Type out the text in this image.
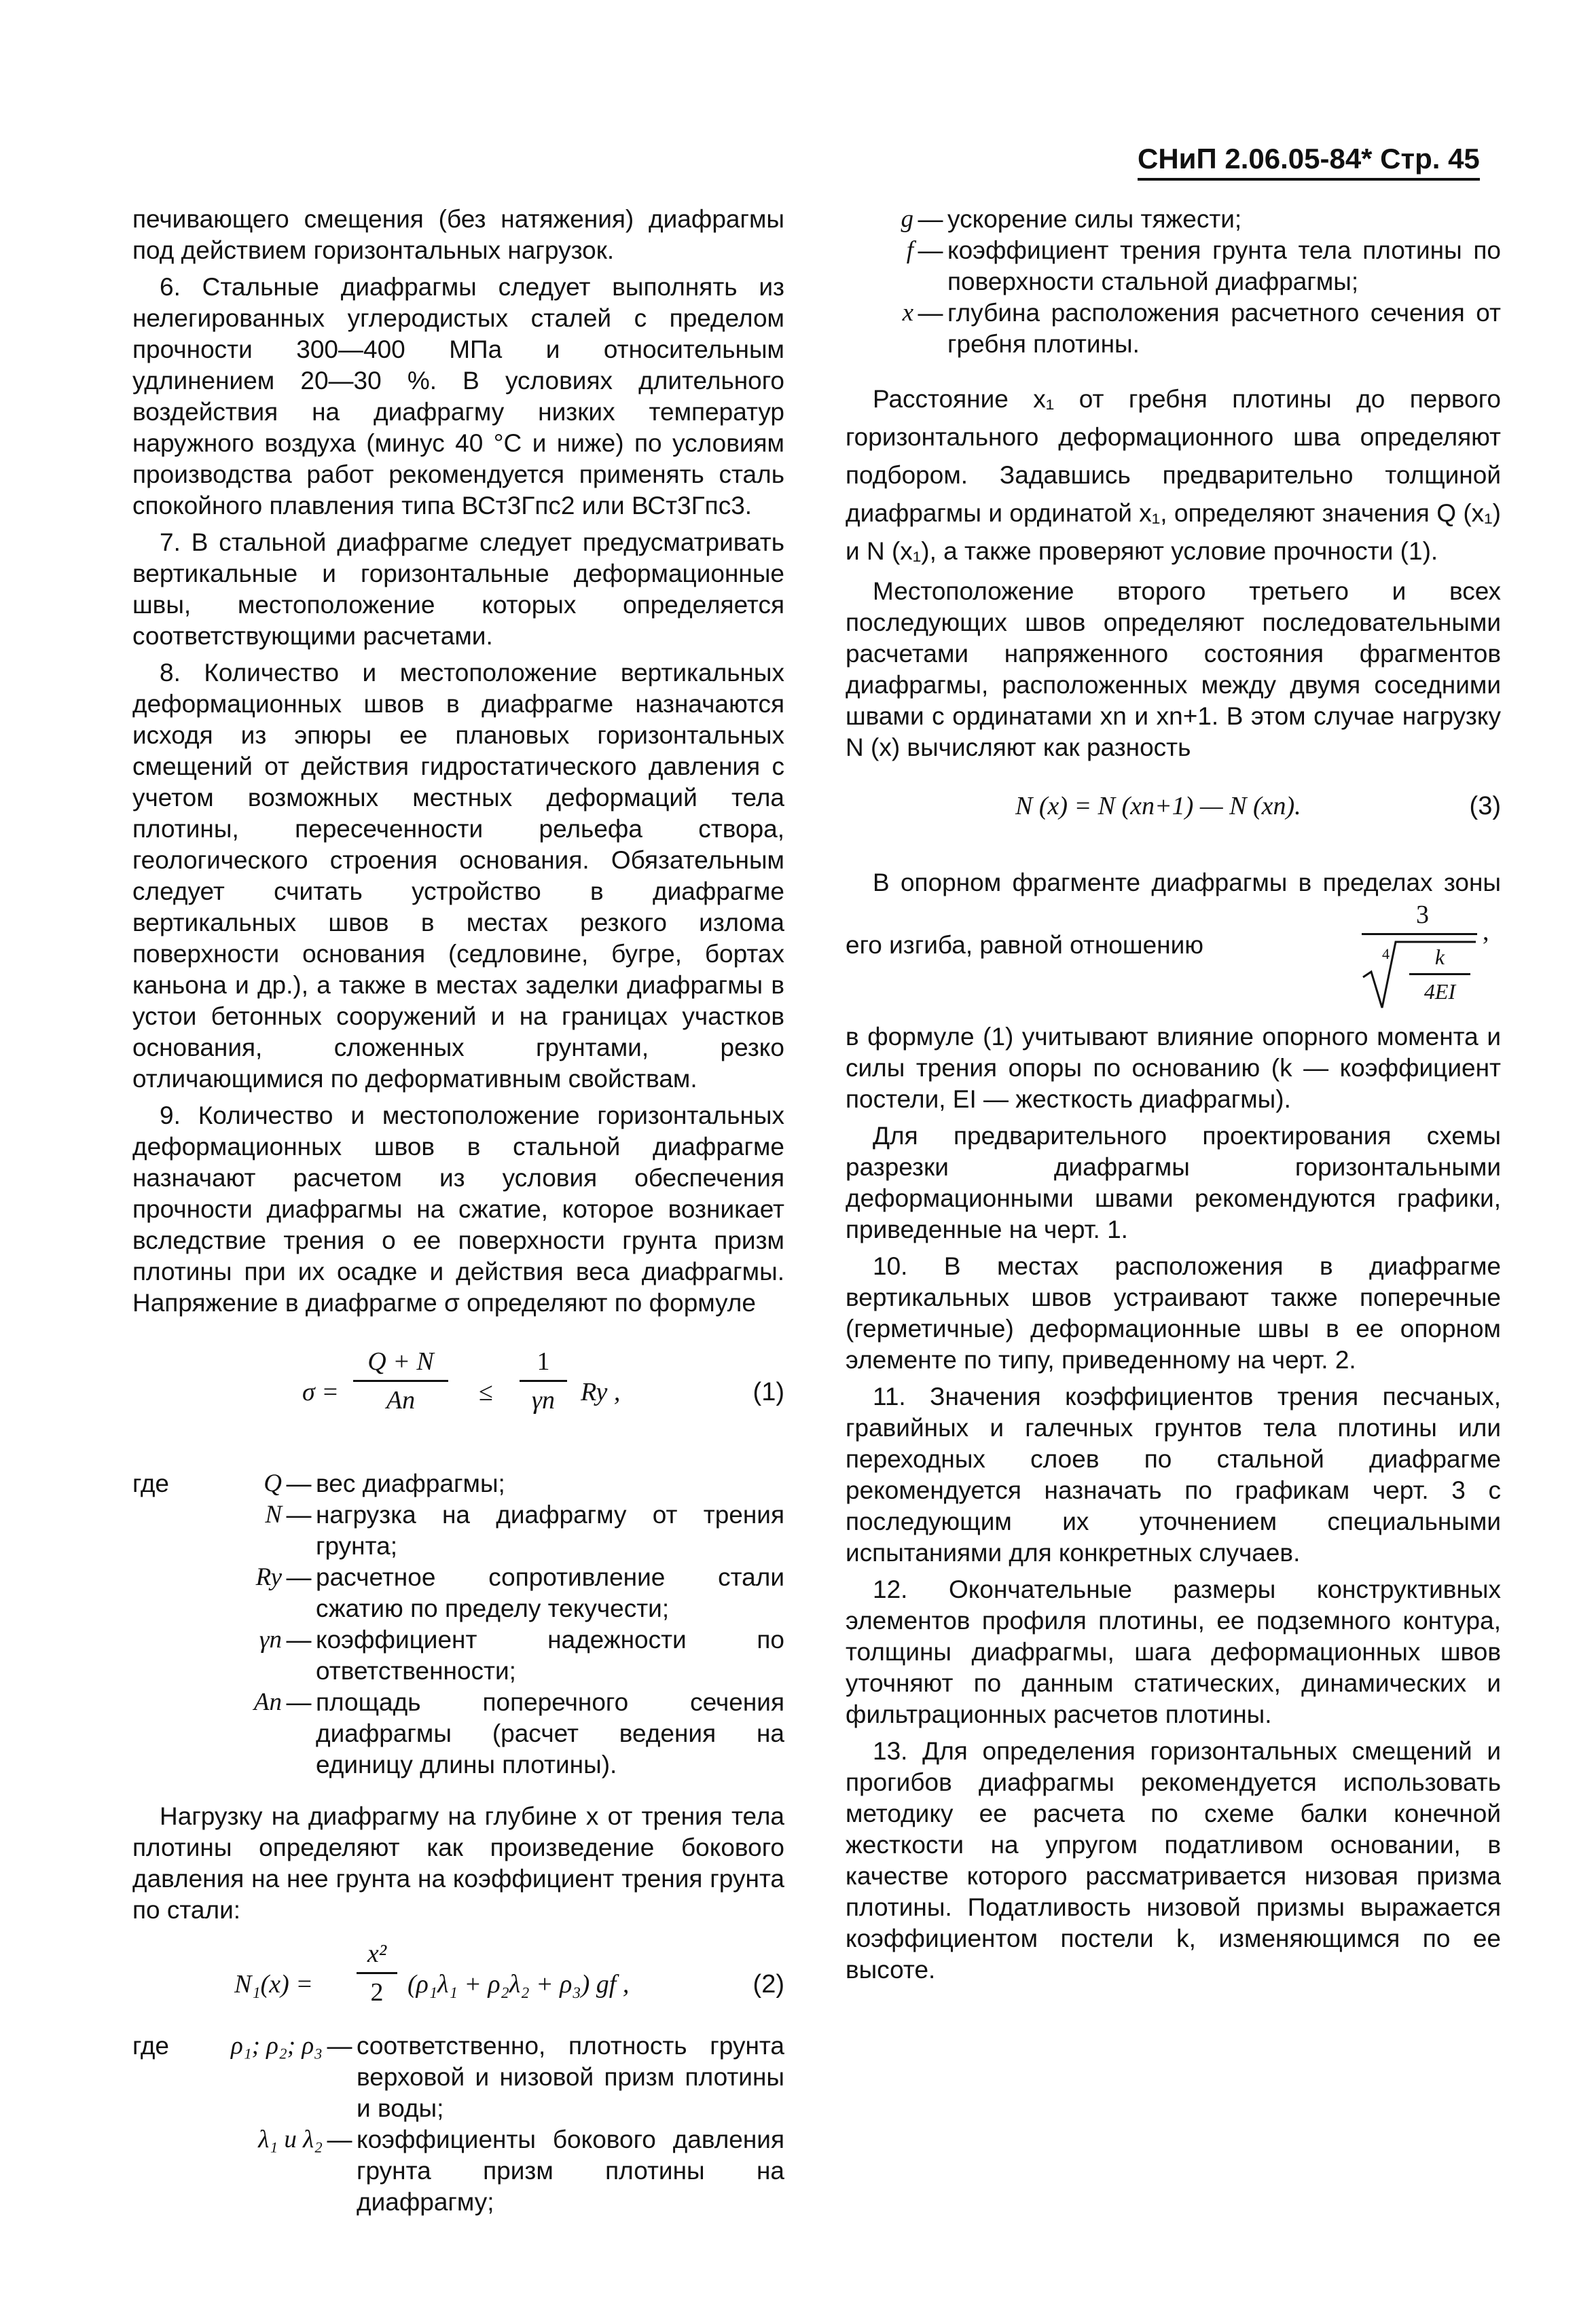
СНиП 2.06.05-84* Стр. 45

печивающего смещения (без натяжения) диафрагмы под действием горизонтальных нагрузок.

6. Стальные диафрагмы следует выполнять из нелегированных углеродистых сталей с пределом прочности 300—400 МПа и относительным удлинением 20—30 %. В условиях длительного воздействия на диафрагму низких температур наружного воздуха (минус 40 °С и ниже) по условиям производства работ рекомендуется применять сталь спокойного плавления типа ВСт3Гпс2 или ВСт3Гпс3.

7. В стальной диафрагме следует предусматривать вертикальные и горизонтальные деформационные швы, местоположение которых определяется соответствующими расчетами.

8. Количество и местоположение вертикальных деформационных швов в диафрагме назначаются исходя из эпюры ее плановых горизонтальных смещений от действия гидростатического давления с учетом возможных местных деформаций тела плотины, пересеченности рельефа створа, геологического строения основания. Обязательным следует считать устройство в диафрагме вертикальных швов в местах резкого излома поверхности основания (седловине, бугре, бортах каньона и др.), а также в местах заделки диафрагмы в устои бетонных сооружений и на границах участков основания, сложенных грунтами, резко отличающимися по деформативным свойствам.

9. Количество и местоположение горизонтальных деформационных швов в стальной диафрагме назначают расчетом из условия обеспечения прочности диафрагмы на сжатие, которое возникает вследствие трения о ее поверхности грунта призм плотины при их осадке и действия веса диафрагмы. Напряжение в диафрагме σ определяют по формуле

σ =
Q + N
An	≤
1
γn	Ry ,	(1)
где	Q — вес диафрагмы;
N — нагрузка на диафрагму от трения грунта;
Ry — расчетное сопротивление стали сжатию по пределу текучести;
γn — коэффициент надежности по ответственности;
An — площадь поперечного сечения диафрагмы (расчет ведения на единицу длины плотины).

Нагрузку на диафрагму на глубине x от трения тела плотины определяют как произведение бокового давления на нее грунта на коэффициент трения грунта по стали:

N₁(x) =
x²
2 (ρ₁λ₁ + ρ₂λ₂ + ρ₃) gf ,	(2)
где	ρ₁; ρ₂; ρ₃ — соответственно, плотность грунта верховой и низовой призм плотины и воды;
λ₁ и λ₂ — коэффициенты бокового давления грунта призм плотины на диафрагму;
g — ускорение силы тяжести;
f — коэффициент трения грунта тела плотины по поверхности стальной диафрагмы;
x — глубина расположения расчетного сечения от гребня плотины.

Расстояние x₁ от гребня плотины до первого горизонтального деформационного шва определяют подбором. Задавшись предварительно толщиной диафрагмы и ординатой x₁, определяют значения Q (x₁) и N (x₁), а также проверяют условие прочности (1).

Местоположение второго третьего и всех последующих швов определяют последовательными расчетами напряженного состояния фрагментов диафрагмы, расположенных между двумя соседними швами с ординатами xn и xn+1. В этом случае нагрузку N (x) вычисляют как разность

N (x) = N (xn+1) — N (xn).	(3)

В опорном фрагменте диафрагмы в пределах зоны его изгиба, равной отношению

3
4	k
4EI
,

в формуле (1) учитывают влияние опорного момента и силы трения опоры по основанию (k — коэффициент постели, EI — жесткость диафрагмы).

Для предварительного проектирования схемы разрезки диафрагмы горизонтальными деформационными швами рекомендуются графики, приведенные на черт. 1.

10. В местах расположения в диафрагме вертикальных швов устраивают также поперечные (герметичные) деформационные швы в ее опорном элементе по типу, приведенному на черт. 2.

11. Значения коэффициентов трения песчаных, гравийных и галечных грунтов тела плотины или переходных слоев по стальной диафрагме рекомендуется назначать по графикам черт. 3 с последующим их уточнением специальными испытаниями для конкретных случаев.

12. Окончательные размеры конструктивных элементов профиля плотины, ее подземного контура, толщины диафрагмы, шага деформационных швов уточняют по данным статических, динамических и фильтрационных расчетов плотины.

13. Для определения горизонтальных смещений и прогибов диафрагмы рекомендуется использовать методику ее расчета по схеме балки конечной жесткости на упругом податливом основании, в качестве которого рассматривается низовая призма плотины. Податливость низовой призмы выражается коэффициентом постели k, изменяющимся по ее высоте.
